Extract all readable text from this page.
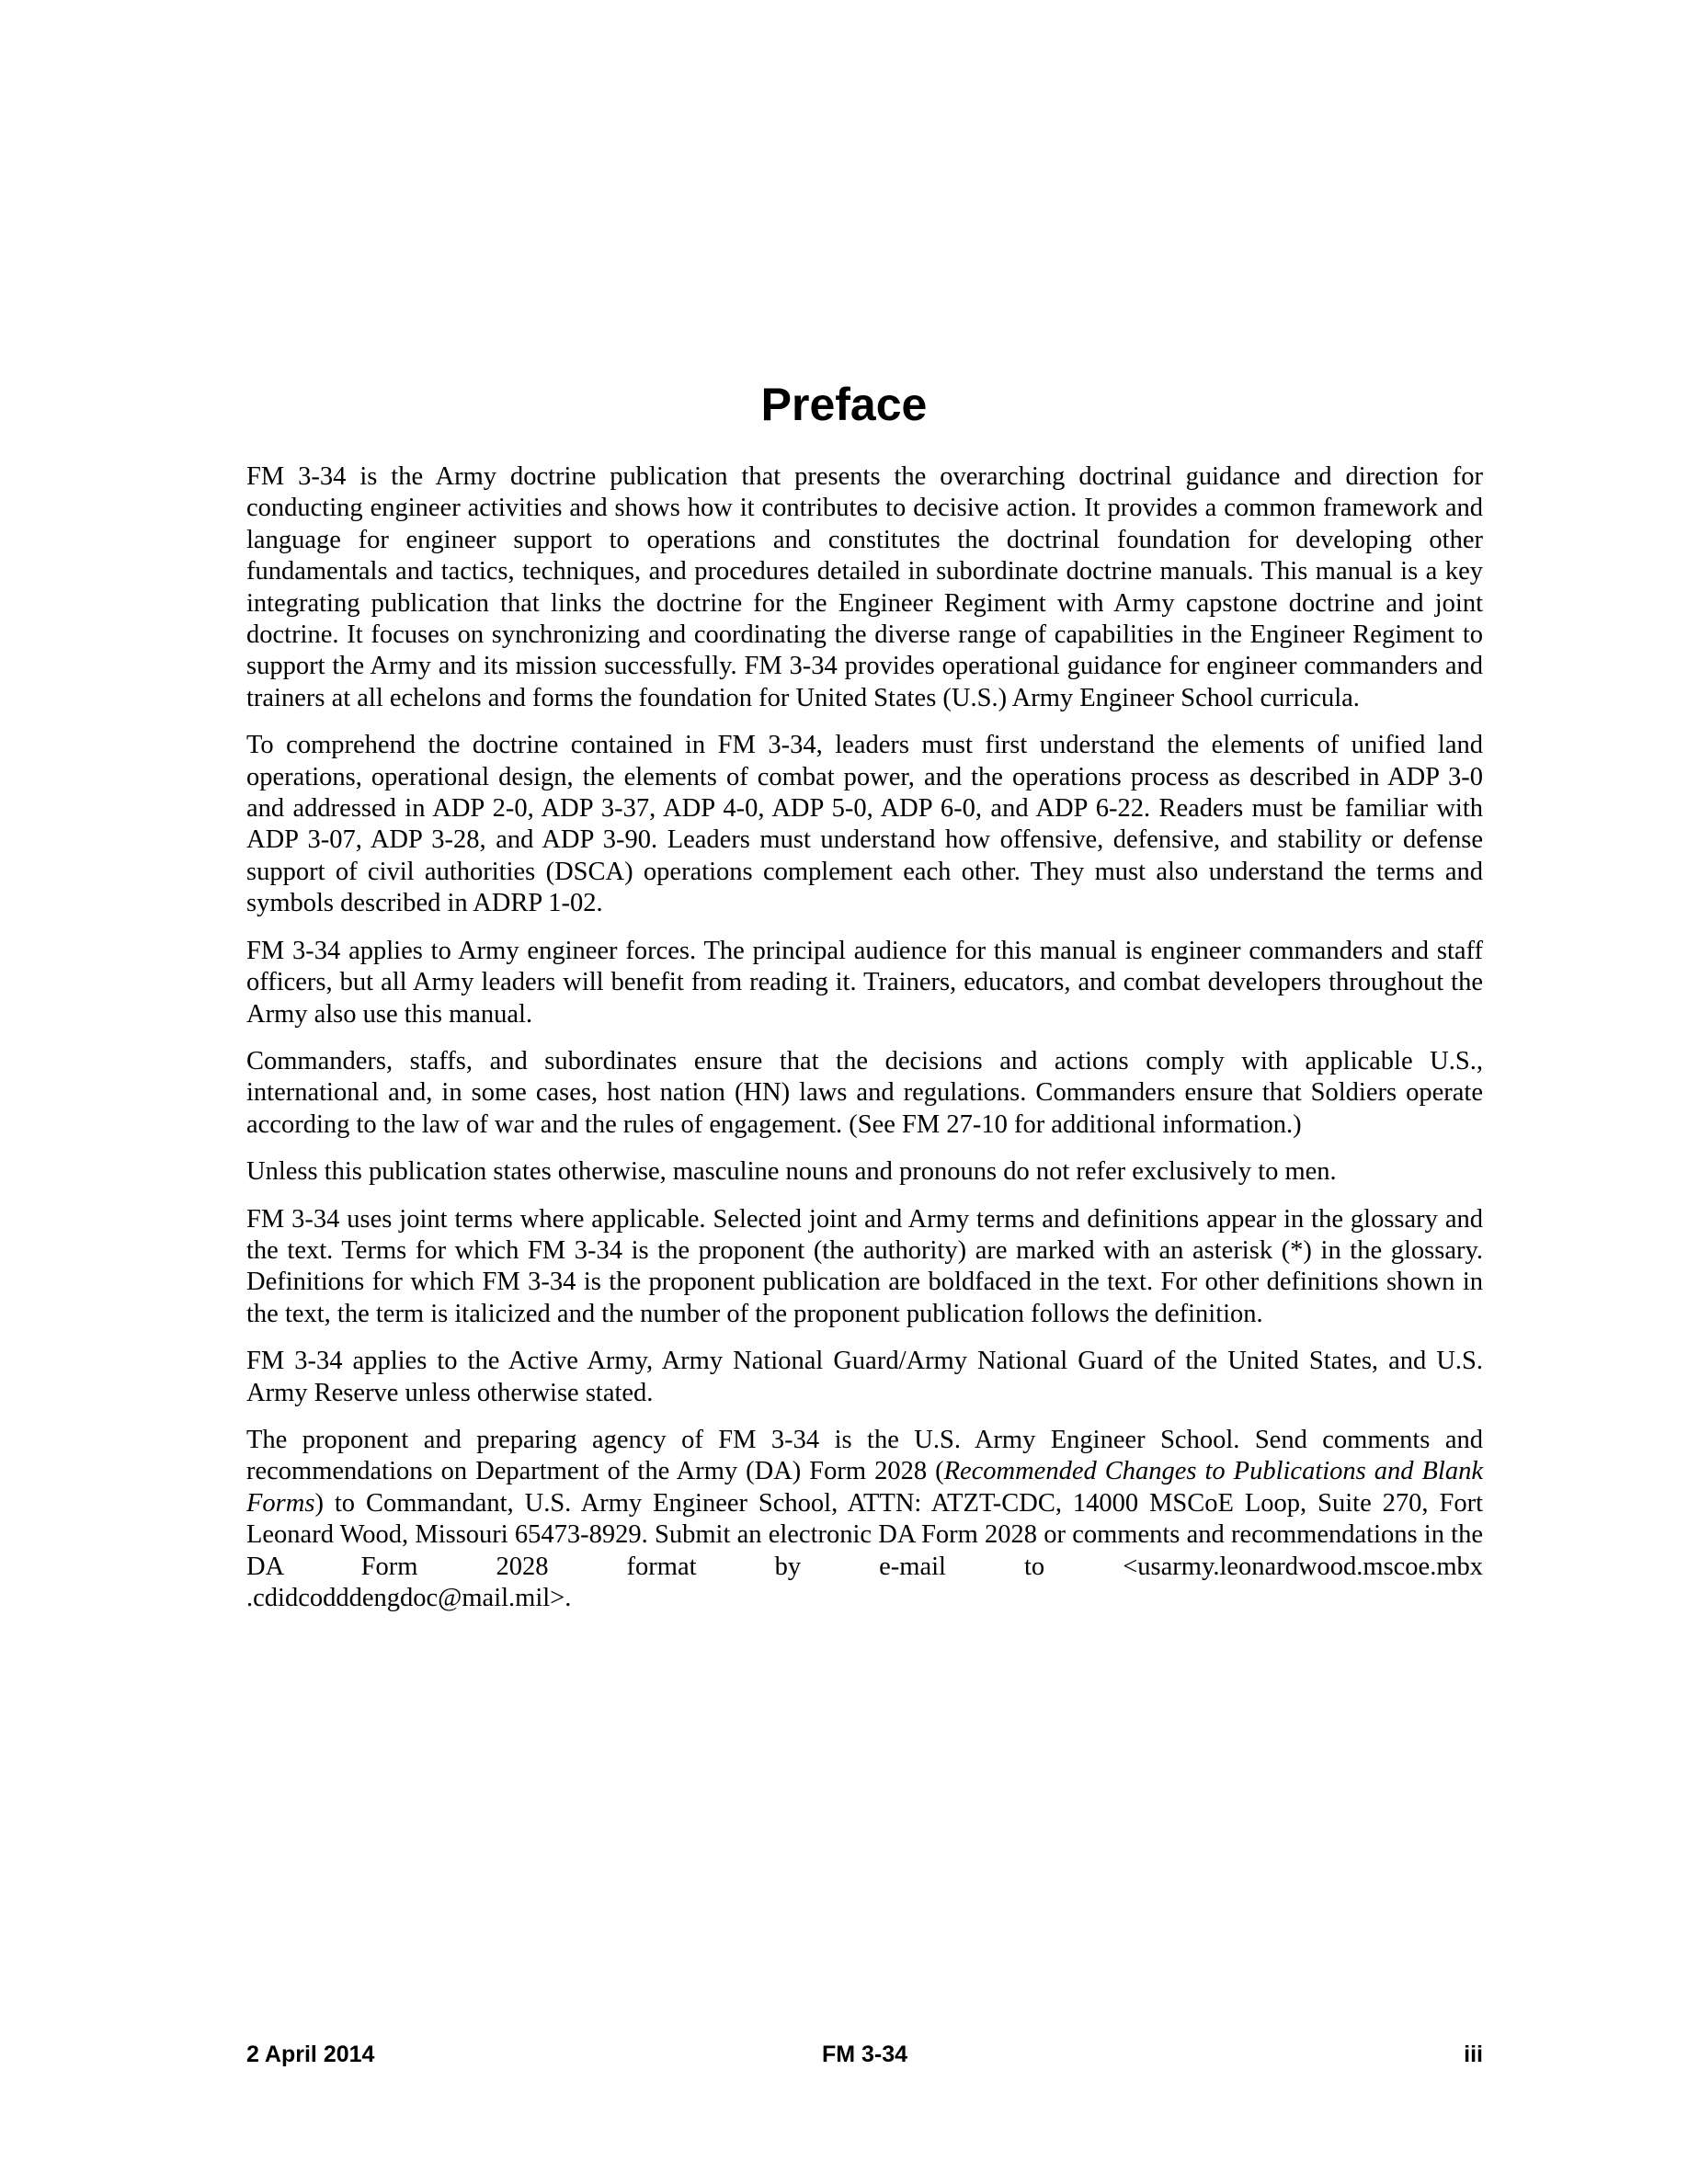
Preface

FM 3-34 is the Army doctrine publication that presents the overarching doctrinal guidance and direction for conducting engineer activities and shows how it contributes to decisive action. It provides a common framework and language for engineer support to operations and constitutes the doctrinal foundation for developing other fundamentals and tactics, techniques, and procedures detailed in subordinate doctrine manuals. This manual is a key integrating publication that links the doctrine for the Engineer Regiment with Army capstone doctrine and joint doctrine. It focuses on synchronizing and coordinating the diverse range of capabilities in the Engineer Regiment to support the Army and its mission successfully. FM 3-34 provides operational guidance for engineer commanders and trainers at all echelons and forms the foundation for United States (U.S.) Army Engineer School curricula.

To comprehend the doctrine contained in FM 3-34, leaders must first understand the elements of unified land operations, operational design, the elements of combat power, and the operations process as described in ADP 3-0 and addressed in ADP 2-0, ADP 3-37, ADP 4-0, ADP 5-0, ADP 6-0, and ADP 6-22. Readers must be familiar with ADP 3-07, ADP 3-28, and ADP 3-90. Leaders must understand how offensive, defensive, and stability or defense support of civil authorities (DSCA) operations complement each other. They must also understand the terms and symbols described in ADRP 1-02.

FM 3-34 applies to Army engineer forces. The principal audience for this manual is engineer commanders and staff officers, but all Army leaders will benefit from reading it. Trainers, educators, and combat developers throughout the Army also use this manual.

Commanders, staffs, and subordinates ensure that the decisions and actions comply with applicable U.S., international and, in some cases, host nation (HN) laws and regulations. Commanders ensure that Soldiers operate according to the law of war and the rules of engagement. (See FM 27-10 for additional information.)

Unless this publication states otherwise, masculine nouns and pronouns do not refer exclusively to men.

FM 3-34 uses joint terms where applicable. Selected joint and Army terms and definitions appear in the glossary and the text. Terms for which FM 3-34 is the proponent (the authority) are marked with an asterisk (*) in the glossary. Definitions for which FM 3-34 is the proponent publication are boldfaced in the text. For other definitions shown in the text, the term is italicized and the number of the proponent publication follows the definition.

FM 3-34 applies to the Active Army, Army National Guard/Army National Guard of the United States, and U.S. Army Reserve unless otherwise stated.

The proponent and preparing agency of FM 3-34 is the U.S. Army Engineer School. Send comments and recommendations on Department of the Army (DA) Form 2028 (Recommended Changes to Publications and Blank Forms) to Commandant, U.S. Army Engineer School, ATTN: ATZT-CDC, 14000 MSCoE Loop, Suite 270, Fort Leonard Wood, Missouri 65473-8929. Submit an electronic DA Form 2028 or comments and recommendations in the DA Form 2028 format by e-mail to <usarmy.leonardwood.mscoe.mbx

.cdidcodddengdoc@mail.mil>.

2 April 2014	FM 3-34	iii
